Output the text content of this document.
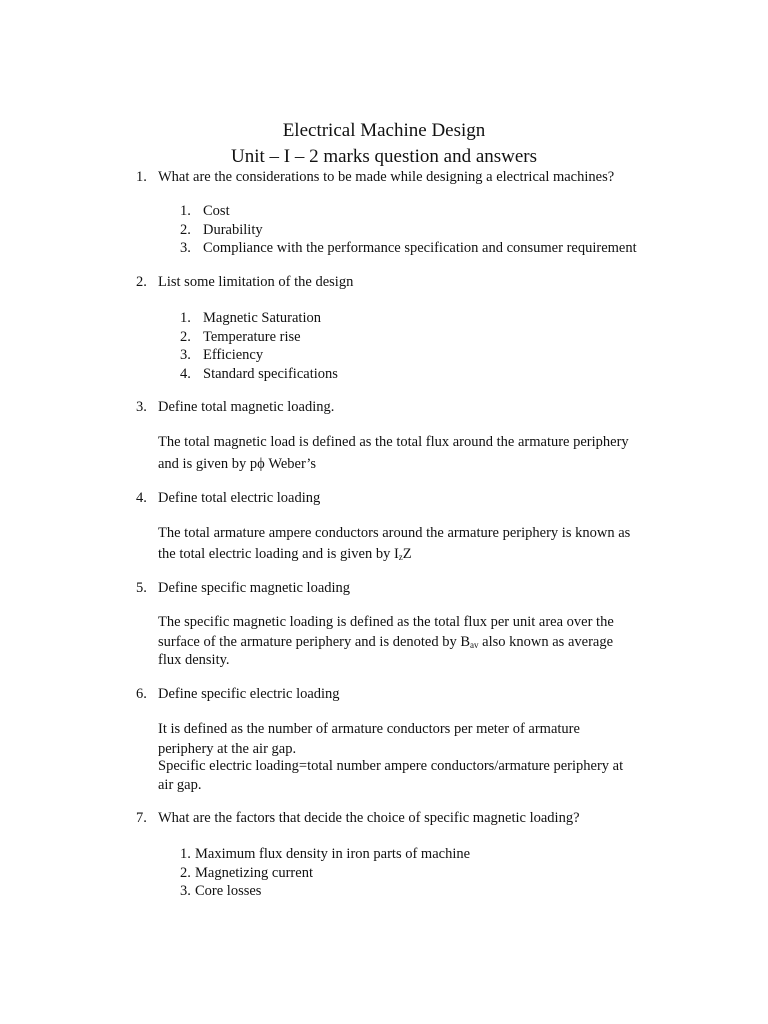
Electrical Machine Design
Unit – I – 2 marks question and answers
1. What are the considerations to be made while designing a electrical machines?
1. Cost
2. Durability
3. Compliance with the performance specification and consumer requirement
2. List some limitation of the design
1. Magnetic Saturation
2. Temperature rise
3. Efficiency
4. Standard specifications
3. Define total magnetic loading.
The total magnetic load is defined as the total flux around the armature periphery
and is given by pϕ Weber’s
4. Define total electric loading
The total armature ampere conductors around the armature periphery is known as
the total electric loading and is given by $I_zZ$
5. Define specific magnetic loading
The specific magnetic loading is defined as the total flux per unit area over the
surface of the armature periphery and is denoted by $B_{av}$ also known as average
flux density.
6. Define specific electric loading
It is defined as the number of armature conductors per meter of armature
periphery at the air gap.
Specific electric loading=total number ampere conductors/armature periphery at
air gap.
7. What are the factors that decide the choice of specific magnetic loading?
1. Maximum flux density in iron parts of machine
2. Magnetizing current
3. Core losses
